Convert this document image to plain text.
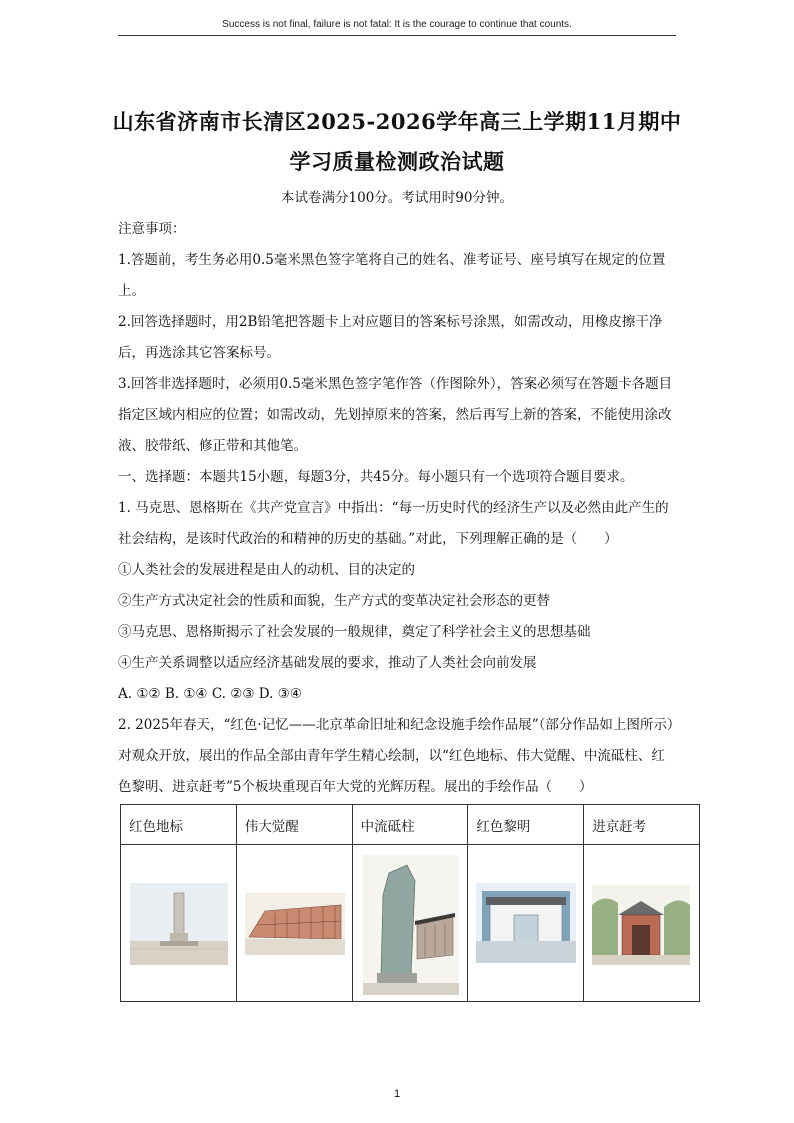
Success is not final, failure is not fatal: It is the courage to continue that counts.
山东省济南市长清区2025-2026学年高三上学期11月期中
学习质量检测政治试题
本试卷满分100分。考试用时90分钟。

注意事项：

1.答题前，考生务必用0.5毫米黑色签字笔将自己的姓名、准考证号、座号填写在规定的位置上。

2.回答选择题时，用2B铅笔把答题卡上对应题目的答案标号涂黑，如需改动，用橡皮擦干净后，再选涂其它答案标号。

3.回答非选择题时，必须用0.5毫米黑色签字笔作答（作图除外），答案必须写在答题卡各题目指定区域内相应的位置；如需改动，先划掉原来的答案，然后再写上新的答案，不能使用涂改液、胶带纸、修正带和其他笔。

一、选择题：本题共15小题，每题3分，共45分。每小题只有一个选项符合题目要求。

1. 马克思、恩格斯在《共产党宣言》中指出：“每一历史时代的经济生产以及必然由此产生的社会结构，是该时代政治的和精神的历史的基础。”对此，下列理解正确的是（　　）

①人类社会的发展进程是由人的动机、目的决定的

②生产方式决定社会的性质和面貌，生产方式的变革决定社会形态的更替

③马克思、恩格斯揭示了社会发展的一般规律，奠定了科学社会主义的思想基础

④生产关系调整以适应经济基础发展的要求，推动了人类社会向前发展

A. ①② B. ①④ C. ②③ D. ③④

2. 2025年春天，“红色·记忆——北京革命旧址和纪念设施手绘作品展”（部分作品如上图所示）对观众开放，展出的作品全部由青年学生精心绘制，以“红色地标、伟大觉醒、中流砥柱、红色黎明、进京赶考”5个板块重现百年大党的光辉历程。展出的手绘作品（　　）

红色地标	伟大觉醒	中流砥柱	红色黎明	进京赶考

1
